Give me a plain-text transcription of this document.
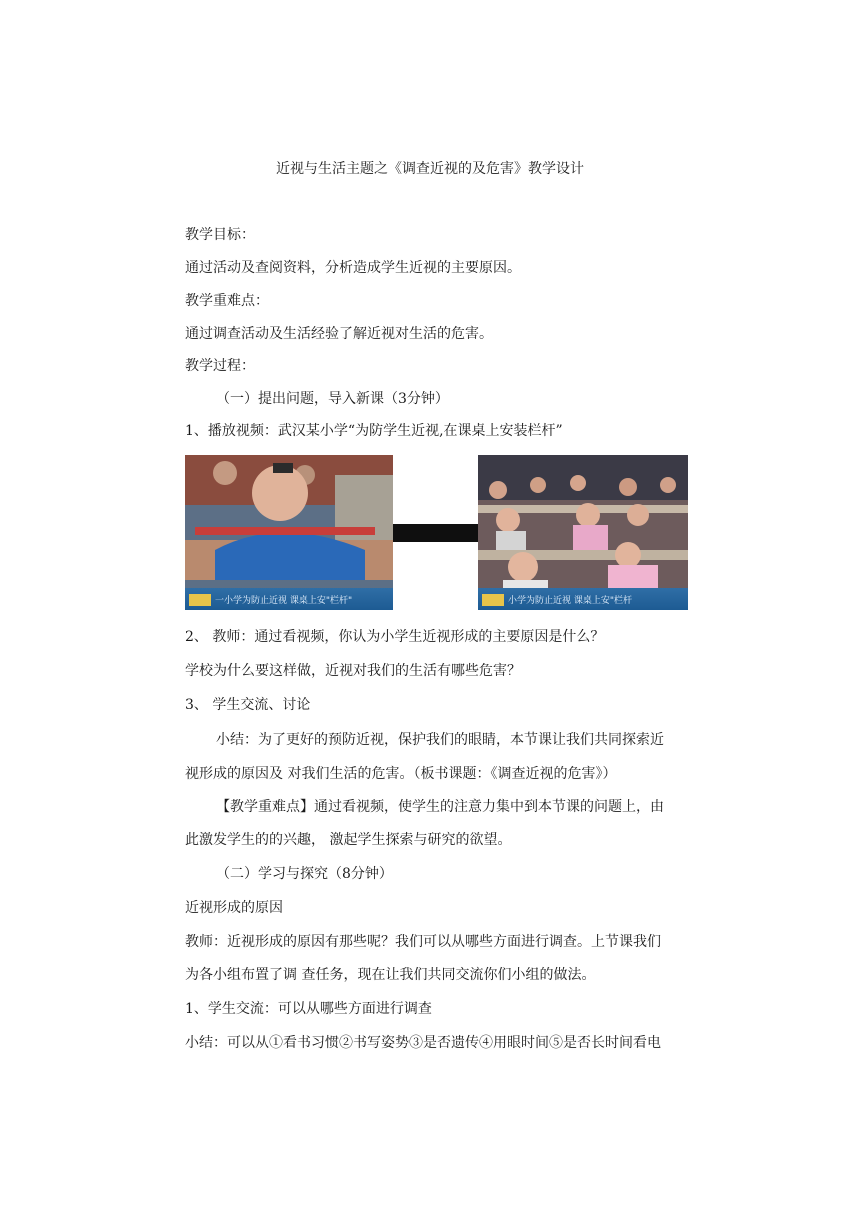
近视与生活主题之《调查近视的及危害》教学设计
教学目标：
通过活动及查阅资料，分析造成学生近视的主要原因。
教学重难点：
通过调查活动及生活经验了解近视对生活的危害。
教学过程：
（一）提出问题，导入新课（3分钟）
1、播放视频：武汉某小学“为防学生近视,在课桌上安装栏杆”
一小学为防止近视 课桌上安"栏杆"	小学为防止近视 课桌上安"栏杆
2、 教师：通过看视频，你认为小学生近视形成的主要原因是什么？
学校为什么要这样做，近视对我们的生活有哪些危害？
3、 学生交流、讨论
小结：为了更好的预防近视，保护我们的眼睛，本节课让我们共同探索近
视形成的原因及 对我们生活的危害。（板书课题：《调查近视的危害》）
【教学重难点】通过看视频，使学生的注意力集中到本节课的问题上，由
此激发学生的的兴趣， 激起学生探索与研究的欲望。
（二）学习与探究（8分钟）
近视形成的原因
教师：近视形成的原因有那些呢？我们可以从哪些方面进行调查。上节课我们
为各小组布置了调 查任务，现在让我们共同交流你们小组的做法。
1、学生交流：可以从哪些方面进行调查
小结：可以从①看书习惯②书写姿势③是否遗传④用眼时间⑤是否长时间看电
